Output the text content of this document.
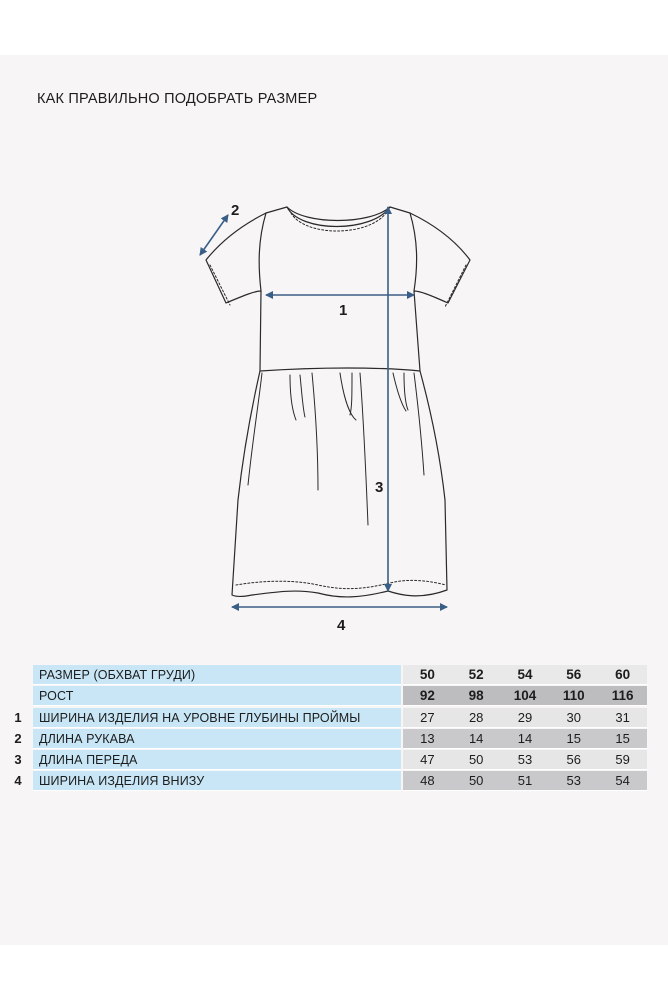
КАК ПРАВИЛЬНО ПОДОБРАТЬ РАЗМЕР
1
2
3
4
РАЗМЕР (ОБХВАТ ГРУДИ)	50	52	54	56	60
РОСТ	92	98	104	110	116
1	ШИРИНА ИЗДЕЛИЯ НА УРОВНЕ ГЛУБИНЫ ПРОЙМЫ	27	28	29	30	31
2	ДЛИНА РУКАВА	13	14	14	15	15
3	ДЛИНА ПЕРЕДА	47	50	53	56	59
4	ШИРИНА ИЗДЕЛИЯ ВНИЗУ	48	50	51	53	54
